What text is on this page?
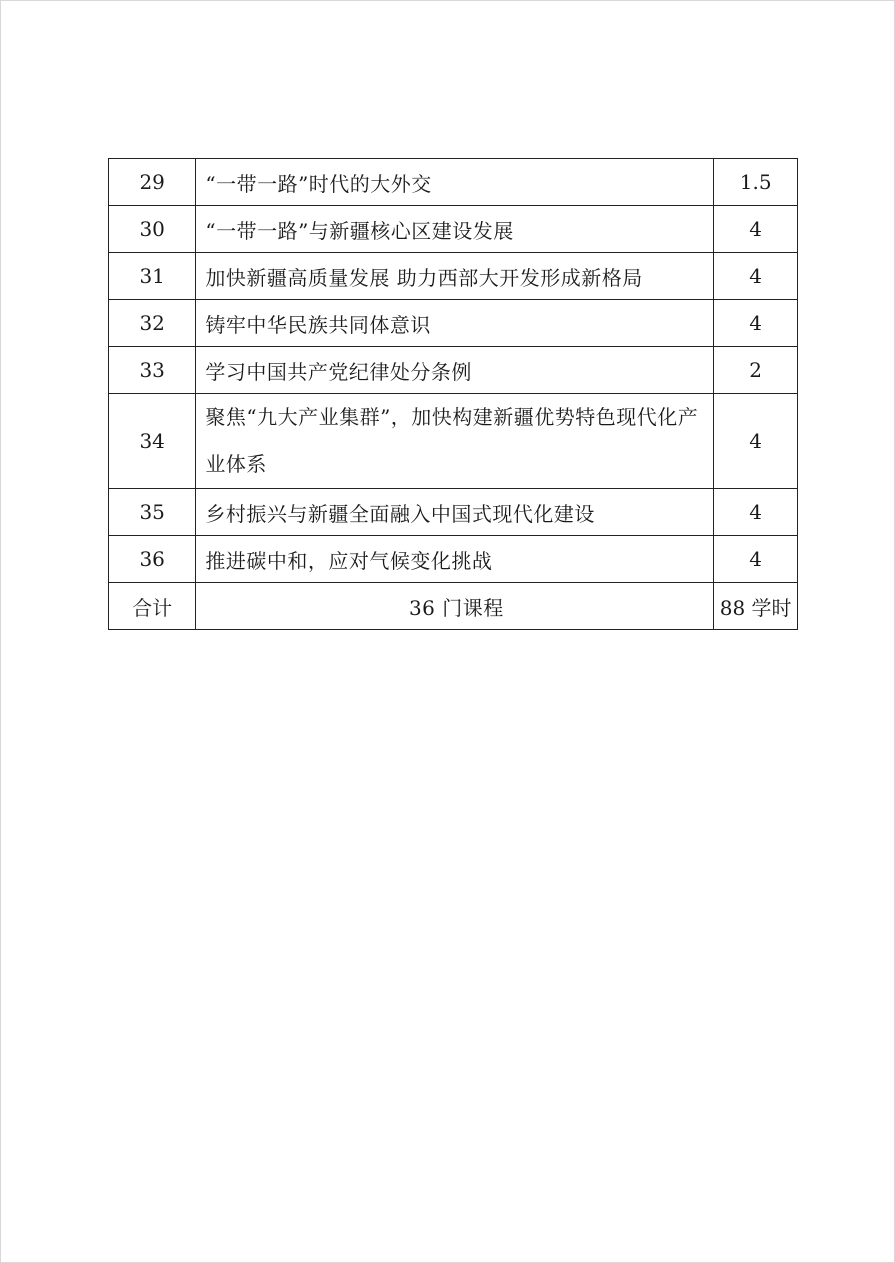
29	“一带一路”时代的大外交	1.5
30	“一带一路”与新疆核心区建设发展	4
31	加快新疆高质量发展 助力西部大开发形成新格局	4
32	铸牢中华民族共同体意识	4
33	学习中国共产党纪律处分条例	2
34	聚焦“九大产业集群”，加快构建新疆优势特色现代化产业体系	4
35	乡村振兴与新疆全面融入中国式现代化建设	4
36	推进碳中和，应对气候变化挑战	4
合计	36 门课程	88 学时
